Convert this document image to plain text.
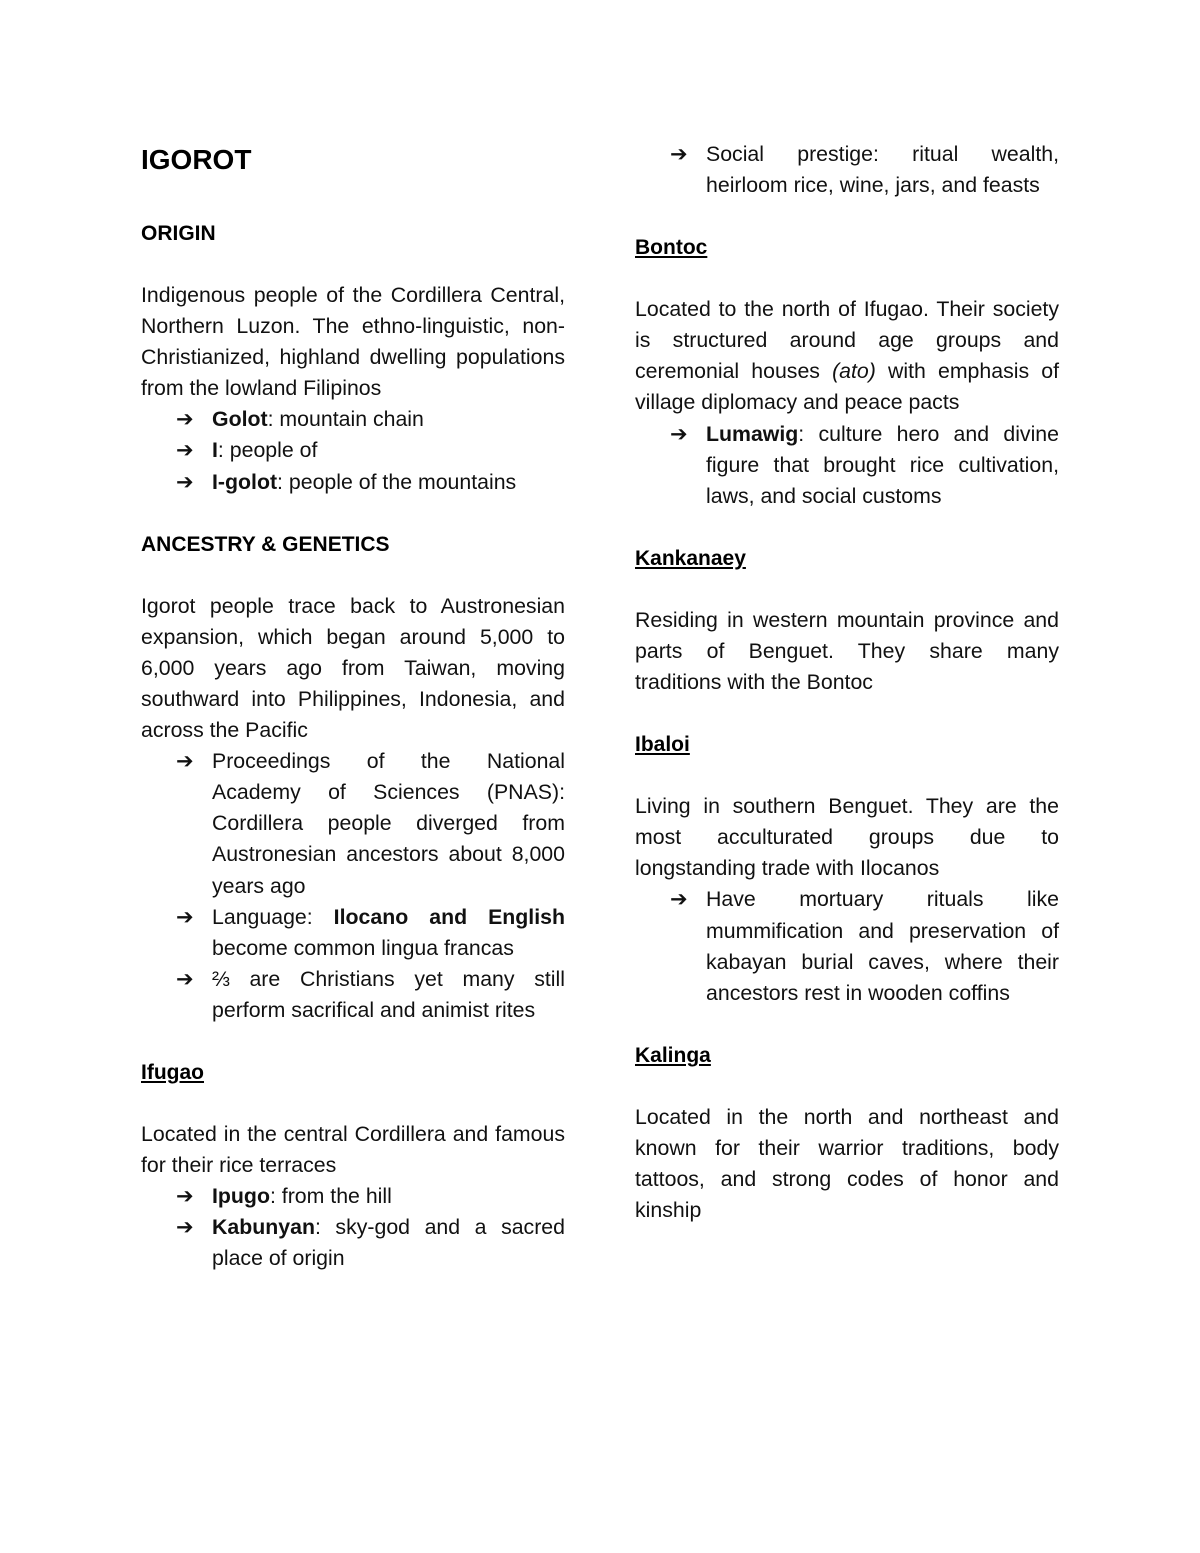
IGOROT
ORIGIN

Indigenous people of the Cordillera Central, Northern Luzon. The ethno-linguistic, non-Christianized, highland dwelling populations from the lowland Filipinos

➔ Golot: mountain chain
➔ I: people of
➔ I-golot: people of the mountains
ANCESTRY & GENETICS

Igorot people trace back to Austronesian expansion, which began around 5,000 to 6,000 years ago from Taiwan, moving southward into Philippines, Indonesia, and across the Pacific

➔ Proceedings of the National Academy of Sciences (PNAS): Cordillera people diverged from Austronesian ancestors about 8,000 years ago
➔ Language: Ilocano and English become common lingua francas
➔ ⅔ are Christians yet many still perform sacrifical and animist rites
Ifugao

Located in the central Cordillera and famous for their rice terraces

➔ Ipugo: from the hill
➔ Kabunyan: sky-god and a sacred place of origin
➔ Social prestige: ritual wealth, heirloom rice, wine, jars, and feasts
Bontoc

Located to the north of Ifugao. Their society is structured around age groups and ceremonial houses (ato) with emphasis of village diplomacy and peace pacts

➔ Lumawig: culture hero and divine figure that brought rice cultivation, laws, and social customs
Kankanaey

Residing in western mountain province and parts of Benguet. They share many traditions with the Bontoc

Ibaloi

Living in southern Benguet. They are the most acculturated groups due to longstanding trade with Ilocanos

➔ Have mortuary rituals like mummification and preservation of kabayan burial caves, where their ancestors rest in wooden coffins
Kalinga

Located in the north and northeast and known for their warrior traditions, body tattoos, and strong codes of honor and kinship
